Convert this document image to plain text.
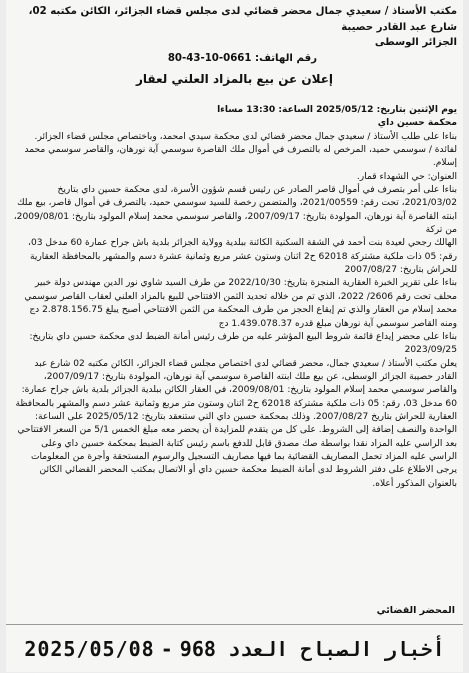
مكتب الأستاذ / سعيدي جمال محضر قضائي لدى مجلس قضاء الجزائر، الكائن مكتبه 02، شارع عبد القادر حصيبة
الجزائر الوسطى
رقم الهاتف: 0661-10-43-80
إعلان عن بيع بالمزاد العلني لعقار

يوم الإثنين بتاريخ: 2025/05/12 الساعة: 13:30 مساءا

محكمة حسين داي

بناءا على طلب الأستاذ / سعيدي جمال محضر قضائي لدى محكمة سيدي امحمد، وباختصاص مجلس قضاء الجزائر.

لفائدة / سوسمي حميد، المرخص له بالتصرف في أموال ملك القاصرة سوسمي آية نورهان، والقاصر سوسمي محمد إسلام.

العنوان: حي الشهداء قمار.

بناءا على أمر بتصرف في أموال قاصر الصادر عن رئيس قسم شؤون الأسرة، لدى محكمة حسين داي بتاريخ 2021/03/02، تحت رقم: 2021/00559، والمتضمن رخصة للسيد سوسمي حميد، بالتصرف في أموال قاصر، بيع ملك ابنته القاصرة آية نورهان، المولودة بتاريخ: 2007/09/17، والقاصر سوسمي محمد إسلام المولود بتاريخ: 2009/08/01، من تركة

الهالك رجحي لعيدة بنت أحمد في الشقة السكنية الكائنة ببلدية وولاية الجزائر بلدية باش جراح عمارة 60 مدخل 03، رقم: 05 ذات ملكية مشتركة 62018 ح2 اثنان وستون عشر مربع وثمانية عشرة دسم والمشهر بالمحافظة العقارية للحراش بتاريخ: 2007/08/27

بناءا على تقرير الخبرة العقارية المنجزة بتاريخ: 2022/10/30 من طرف السيد شاوي نور الدين مهندس دولة خبير محلف تحت رقم 2606/ 2022، الذي تم من خلاله تحديد الثمن الافتتاحي للبيع بالمزاد العلني لعقاب القاصر سوسمي محمد إسلام من العقار والذي تم إيقاع الحجز من طرف المحكمة من الثمن الافتتاحي أصبح يبلغ 2.878.156.75 دج ومنه القاصر سوسمي آية نورهان مبلغ قدره 1.439.078.37 دج

بناءا على محضر إيداع قائمة شروط البيع المؤشر عليه من طرف رئيس أمانة الضبط لدى محكمة حسين داي بتاريخ: 2023/09/25

يعلن مكتب الأستاذ / سعيدي جمال، محضر قضائي لدى اختصاص مجلس قضاء الجزائر، الكائن مكتبه 02 شارع عبد القادر حصيبة الجزائر الوسطى، عن بيع ملك ابنته القاصرة سوسمي آية نورهان، المولودة بتاريخ: 2007/09/17، والقاصر سوسمي محمد إسلام المولود بتاريخ: 2009/08/01، في العقار الكائن ببلدية الجزائر بلدية باش جراح عمارة: 60 مدخل 03، رقم: 05 ذات ملكية مشتركة 62018 ح2 اثنان وستون متر مربع وثمانية عشر دسم والمشهر بالمحافظة العقارية للحراش بتاريخ 2007/08/27. وذلك بمحكمة حسين داي التي ستنعقد بتاريخ: 2025/05/12 على الساعة: الواحدة والنصف إضافة إلى الشروط. على كل من يتقدم للمزايدة أن يحضر معه مبلغ الخمس 5/1 من السعر الافتتاحي بعد الراسي عليه المزاد نقدا بواسطة صك مصدق قابل للدفع باسم رئيس كتابة الضبط بمحكمة حسين داي وعلى الراسي عليه المزاد تحمل المصاريف القضائية بما فيها مصاريف التسجيل والرسوم المستحقة وأجرة من المعلومات يرجى الاطلاع على دفتر الشروط لدى أمانة الضبط محكمة حسين داي أو الاتصال بمكتب المحضر القضائي الكائن بالعنوان المذكور أعلاه.

المحضر القضائي
2025/05/08 - أخبار الصباح العدد 968
